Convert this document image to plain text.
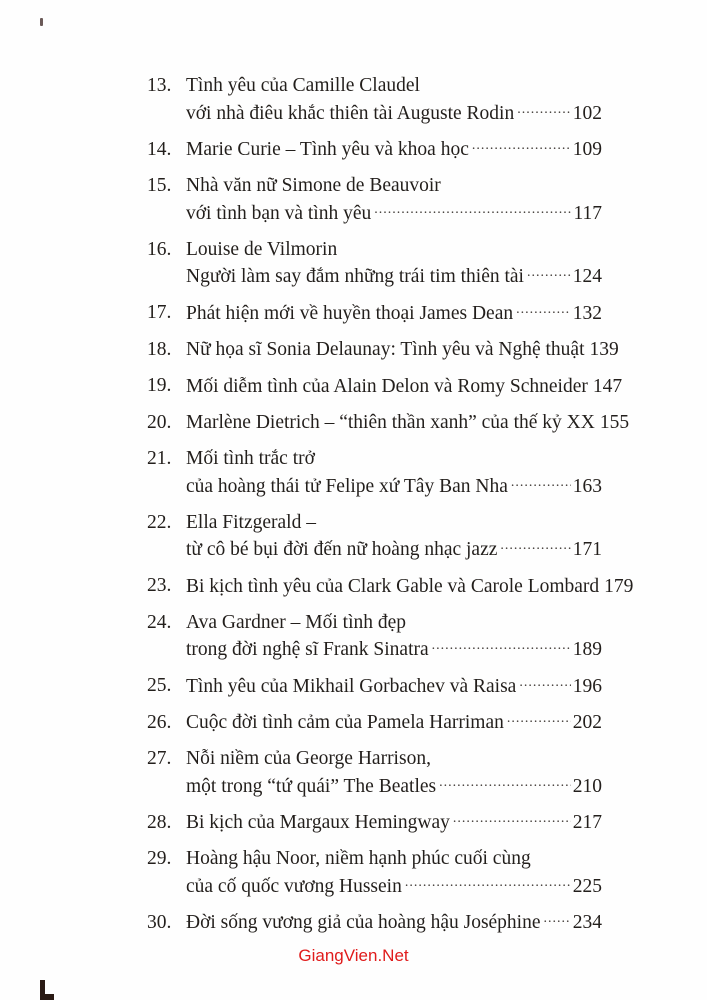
13. Tình yêu của Camille Claudel
với nhà điêu khắc thiên tài Auguste Rodin .....	102
14. Marie Curie – Tình yêu và khoa học .....	109
15. Nhà văn nữ Simone de Beauvoir
với tình bạn và tình yêu .....	117
16. Louise de Vilmorin
Người làm say đắm những trái tim thiên tài .....	124
17. Phát hiện mới về huyền thoại James Dean .....	132
18. Nữ họa sĩ Sonia Delaunay: Tình yêu và Nghệ thuật 139
19. Mối diễm tình của Alain Delon và Romy Schneider 147
20. Marlène Dietrich – “thiên thần xanh” của thế kỷ XX 155
21. Mối tình trắc trở
của hoàng thái tử Felipe xứ Tây Ban Nha .....	163
22. Ella Fitzgerald –
từ cô bé bụi đời đến nữ hoàng nhạc jazz .....	171
23. Bi kịch tình yêu của Clark Gable và Carole Lombard 179
24. Ava Gardner – Mối tình đẹp
trong đời nghệ sĩ Frank Sinatra .....	189
25. Tình yêu của Mikhail Gorbachev và Raisa .....	196
26. Cuộc đời tình cảm của Pamela Harriman .....	202
27. Nỗi niềm của George Harrison,
một trong “tứ quái” The Beatles .....	210
28. Bi kịch của Margaux Hemingway .....	217
29. Hoàng hậu Noor, niềm hạnh phúc cuối cùng
của cố quốc vương Hussein .....	225
30. Đời sống vương giả của hoàng hậu Joséphine ..... 234
GiangVien.Net
